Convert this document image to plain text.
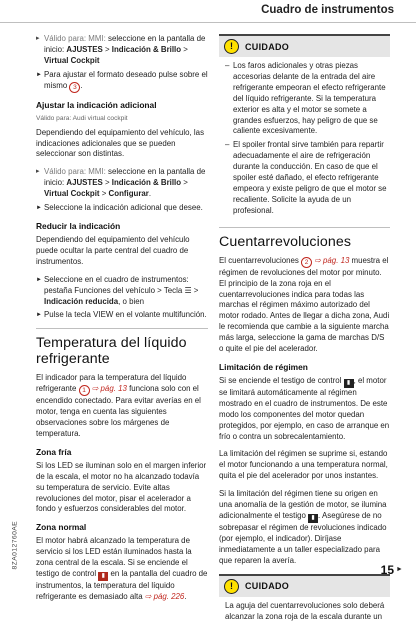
Cuadro de instrumentos

▸ Válido para: MMI: seleccione en la pantalla de inicio: AJUSTES > Indicación & Brillo > Virtual Cockpit

► Para ajustar el formato deseado pulse sobre el mismo 3 .

Ajustar la indicación adicional

Válido para: Audi virtual cockpit

Dependiendo del equipamiento del vehículo, las indicaciones adicionales que se pueden seleccionar son distintas.

▸ Válido para: MMI: seleccione en la pantalla de inicio: AJUSTES > Indicación & Brillo > Virtual Cockpit > Configurar.

► Seleccione la indicación adicional que desee.

Reducir la indicación

Dependiendo del equipamiento del vehículo puede ocultar la parte central del cuadro de instrumentos.

► Seleccione en el cuadro de instrumentos: pestaña Funciones del vehículo > Tecla ☰ > Indicación reducida, o bien

► Pulse la tecla VIEW en el volante multifunción.

Temperatura del líquido refrigerante

El indicador para la temperatura del líquido refrigerante 1 ⇨ pág. 13 funciona solo con el encendido conectado. Para evitar averías en el motor, tenga en cuenta las siguientes observaciones sobre los márgenes de temperatura.

Zona fría

Si los LED se iluminan solo en el margen inferior de la escala, el motor no ha alcanzado todavía su temperatura de servicio. Evite altas revoluciones del motor, pisar el acelerador a fondo y esfuerzos considerables del motor.

Zona normal

El motor habrá alcanzado la temperatura de servicio si los LED están iluminados hasta la zona central de la escala. Si se enciende el testigo de control ▮ en la pantalla del cuadro de instrumentos, la temperatura del líquido refrigerante es demasiado alta ⇨ pág. 226.

!	CUIDADO

– Los faros adicionales y otras piezas accesorias delante de la entrada del aire refrigerante empeoran el efecto refrigerante del líquido refrigerante. Si la temperatura exterior es alta y el motor se somete a grandes esfuerzos, hay peligro de que se caliente excesivamente.

– El spoiler frontal sirve también para repartir adecuadamente el aire de refrigeración durante la conducción. En caso de que el spoiler esté dañado, el efecto refrigerante empeora y existe peligro de que el motor se recaliente. Solicite la ayuda de un profesional.

Cuentarrevoluciones

El cuentarrevoluciones 2 ⇨ pág. 13 muestra el régimen de revoluciones del motor por minuto. El principio de la zona roja en el cuentarrevoluciones indica para todas las marchas el régimen máximo autorizado del motor rodado. Antes de llegar a dicha zona, Audi le recomienda que cambie a la siguiente marcha más larga, seleccione la gama de marchas D/S o quite el pie del acelerador.

Limitación de régimen

Si se enciende el testigo de control ▮ , el motor se limitará automáticamente al régimen mostrado en el cuadro de instrumentos. De este modo los componentes del motor quedan protegidos, por ejemplo, en caso de arranque en frío o contra un sobrecalentamiento.

La limitación del régimen se suprime si, estando el motor funcionando a una temperatura normal, quita el pie del acelerador por unos instantes.

Si la limitación del régimen tiene su origen en una anomalía de la gestión de motor, se ilumina adicionalmente el testigo ▮ . Asegúrese de no sobrepasar el régimen de revoluciones indicado (por ejemplo, el indicador). Diríjase inmediatamente a un taller especializado para que reparen la avería.

!	CUIDADO

La aguja del cuentarrevoluciones solo deberá alcanzar la zona roja de la escala durante un

8ZA012760AE	►
15
